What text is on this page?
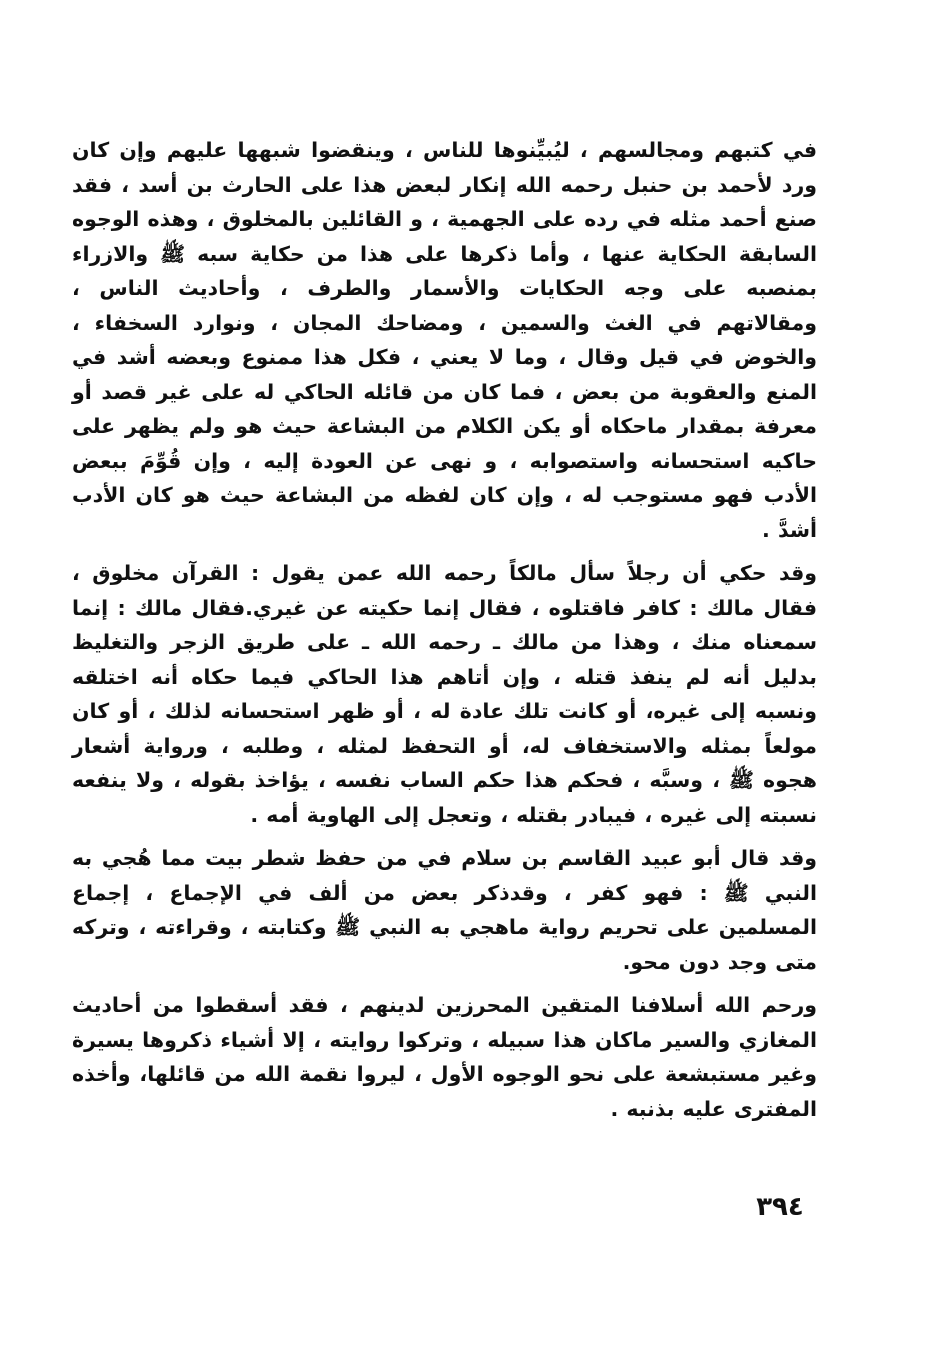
في كتبهم ومجالسهم ، ليُبيِّنوها للناس ، وينقضوا شبهها عليهم وإن كان ورد لأحمد بن حنبل رحمه الله إنكار لبعض هذا على الحارث بن أسد ، فقد صنع أحمد مثله في رده على الجهمية ، و القائلين بالمخلوق ، وهذه الوجوه السابقة الحكاية عنها ، وأما ذكرها على هذا من حكاية سبه ﷺ والازراء بمنصبه على وجه الحكايات والأسمار والطرف ، وأحاديث الناس ، ومقالاتهم في الغث والسمين ، ومضاحك المجان ، ونوارد السخفاء ، والخوض في قيل وقال ، وما لا يعني ، فكل هذا ممنوع وبعضه أشد في المنع والعقوبة من بعض ، فما كان من قائله الحاكي له على غير قصد أو معرفة بمقدار ماحكاه أو يكن الكلام من البشاعة حيث هو ولم يظهر على حاكيه استحسانه واستصوابه ، و نهى عن العودة إليه ، وإن قُوِّمَ ببعض الأدب فهو مستوجب له ، وإن كان لفظه من البشاعة حيث هو كان الأدب أشدَّ .

وقد حكي أن رجلاً سأل مالكاً رحمه الله عمن يقول : القرآن مخلوق ، فقال مالك : كافر فاقتلوه ، فقال إنما حكيته عن غيري.فقال مالك : إنما سمعناه منك ، وهذا من مالك ـ رحمه الله ـ على طريق الزجر والتغليظ بدليل أنه لم ينفذ قتله ، وإن أتاهم هذا الحاكي فيما حكاه أنه اختلقه ونسبه إلى غيره، أو كانت تلك عادة له ، أو ظهر استحسانه لذلك ، أو كان مولعاً بمثله والاستخفاف له، أو التحفظ لمثله ، وطلبه ، ورواية أشعار هجوه ﷺ ، وسبَّه ، فحكم هذا حكم الساب نفسه ، يؤاخذ بقوله ، ولا ينفعه نسبته إلى غيره ، فيبادر بقتله ، وتعجل إلى الهاوية أمه .

وقد قال أبو عبيد القاسم بن سلام في من حفظ شطر بيت مما هُجي به النبي ﷺ : فهو كفر ، وقدذكر بعض من ألف في الإجماع ، إجماع المسلمين على تحريم رواية ماهجي به النبي ﷺ وكتابته ، وقراءته ، وتركه متى وجد دون محو.

ورحم الله أسلافنا المتقين المحرزين لدينهم ، فقد أسقطوا من أحاديث المغازي والسير ماكان هذا سبيله ، وتركوا روايته ، إلا أشياء ذكروها يسيرة وغير مستبشعة على نحو الوجوه الأول ، ليروا نقمة الله من قائلها، وأخذه المفترى عليه بذنبه .

٣٩٤
